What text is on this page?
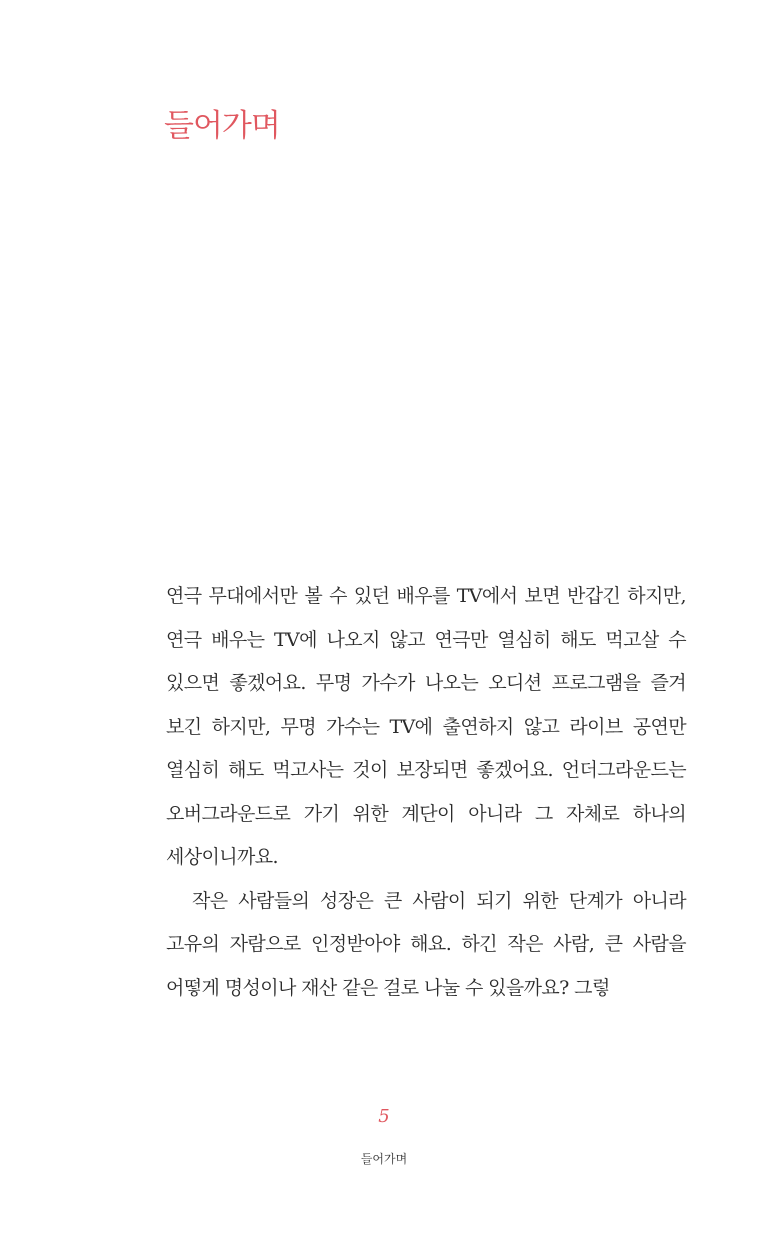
들어가며

연극 무대에서만 볼 수 있던 배우를 TV에서 보면 반갑긴 하지만, 연극 배우는 TV에 나오지 않고 연극만 열심히 해도 먹고살 수 있으면 좋겠어요. 무명 가수가 나오는 오디션 프로그램을 즐겨 보긴 하지만, 무명 가수는 TV에 출연하지 않고 라이브 공연만 열심히 해도 먹고사는 것이 보장되면 좋겠어요. 언더그라운드는 오버그라운드로 가기 위한 계단이 아니라 그 자체로 하나의 세상이니까요.

작은 사람들의 성장은 큰 사람이 되기 위한 단계가 아니라 고유의 자람으로 인정받아야 해요. 하긴 작은 사람, 큰 사람을 어떻게 명성이나 재산 같은 걸로 나눌 수 있을까요? 그렇

5
들어가며
